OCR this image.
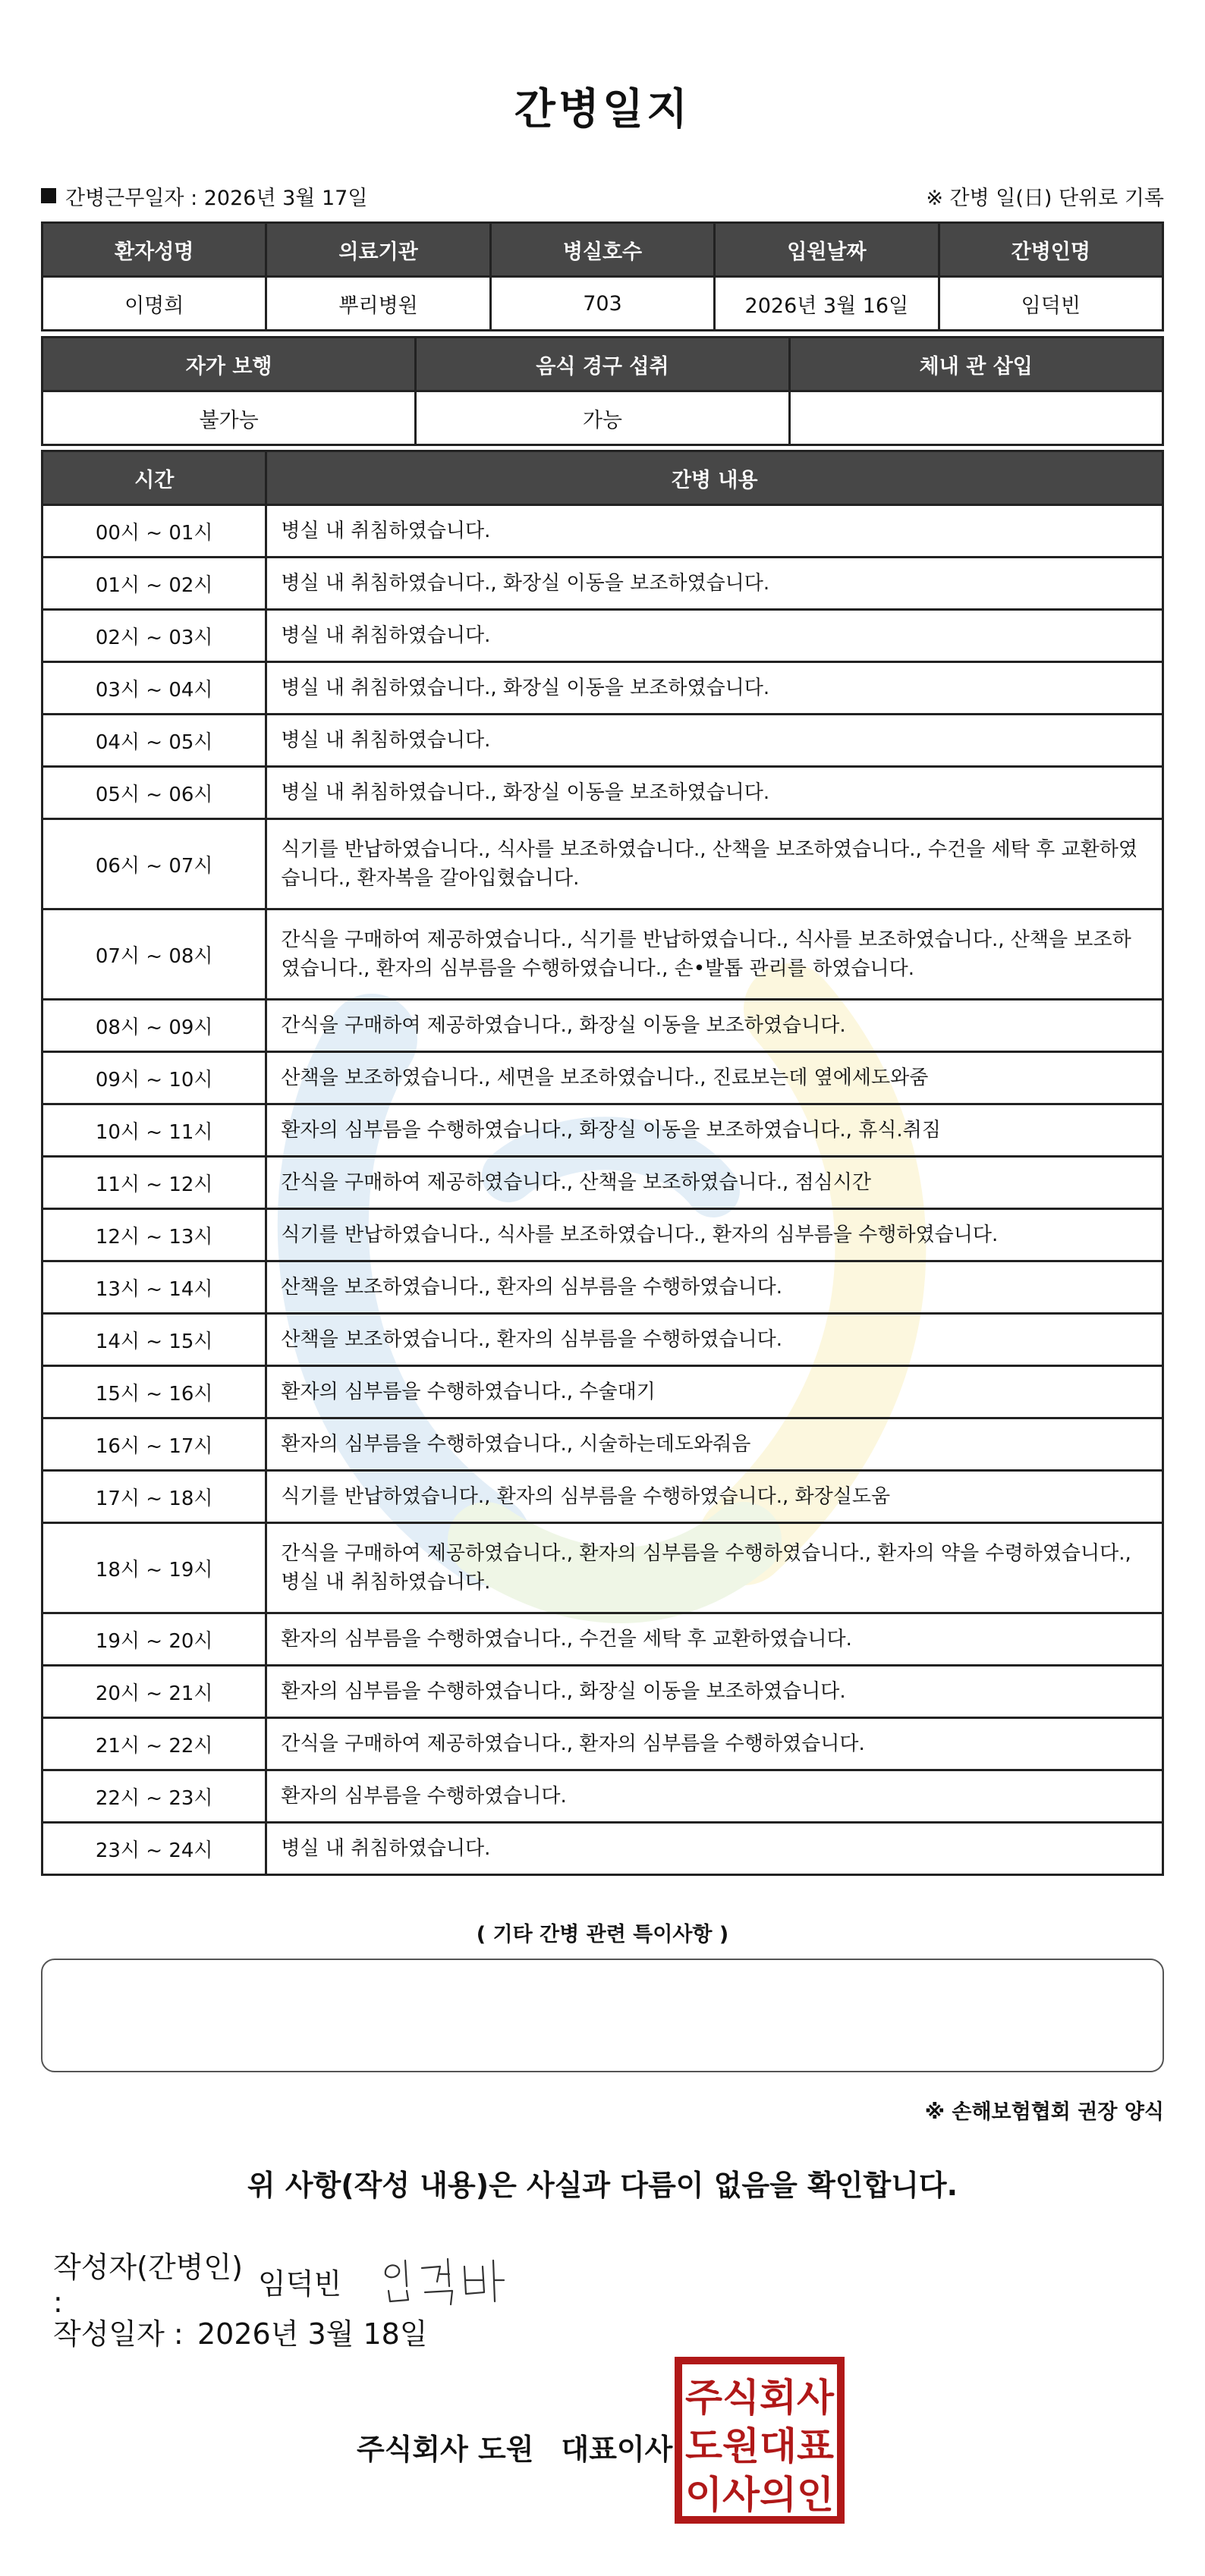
간병일지
간병근무일자 : 2026년 3월 17일	※ 간병 일(日) 단위로 기록
환자성명	의료기관	병실호수	입원날짜	간병인명
이명희	뿌리병원	703	2026년 3월 16일	임덕빈
자가 보행	음식 경구 섭취	체내 관 삽입
불가능	가능	
시간	간병 내용
00시 ~ 01시	병실 내 취침하였습니다.
01시 ~ 02시	병실 내 취침하였습니다., 화장실 이동을 보조하였습니다.
02시 ~ 03시	병실 내 취침하였습니다.
03시 ~ 04시	병실 내 취침하였습니다., 화장실 이동을 보조하였습니다.
04시 ~ 05시	병실 내 취침하였습니다.
05시 ~ 06시	병실 내 취침하였습니다., 화장실 이동을 보조하였습니다.
06시 ~ 07시	식기를 반납하였습니다., 식사를 보조하였습니다., 산책을 보조하였습니다., 수건을 세탁 후 교환하였습니다., 환자복을 갈아입혔습니다.
07시 ~ 08시	간식을 구매하여 제공하였습니다., 식기를 반납하였습니다., 식사를 보조하였습니다., 산책을 보조하였습니다., 환자의 심부름을 수행하였습니다., 손•발톱 관리를 하였습니다.
08시 ~ 09시	간식을 구매하여 제공하였습니다., 화장실 이동을 보조하였습니다.
09시 ~ 10시	산책을 보조하였습니다., 세면을 보조하였습니다., 진료보는데 옆에세도와줌
10시 ~ 11시	환자의 심부름을 수행하였습니다., 화장실 이동을 보조하였습니다., 휴식.취짐
11시 ~ 12시	간식을 구매하여 제공하였습니다., 산책을 보조하였습니다., 점심시간
12시 ~ 13시	식기를 반납하였습니다., 식사를 보조하였습니다., 환자의 심부름을 수행하였습니다.
13시 ~ 14시	산책을 보조하였습니다., 환자의 심부름을 수행하였습니다.
14시 ~ 15시	산책을 보조하였습니다., 환자의 심부름을 수행하였습니다.
15시 ~ 16시	환자의 심부름을 수행하였습니다., 수술대기
16시 ~ 17시	환자의 심부름을 수행하였습니다., 시술하는데도와줘음
17시 ~ 18시	식기를 반납하였습니다., 환자의 심부름을 수행하였습니다., 화장실도움
18시 ~ 19시	간식을 구매하여 제공하였습니다., 환자의 심부름을 수행하였습니다., 환자의 약을 수령하였습니다., 병실 내 취침하였습니다.
19시 ~ 20시	환자의 심부름을 수행하였습니다., 수건을 세탁 후 교환하였습니다.
20시 ~ 21시	환자의 심부름을 수행하였습니다., 화장실 이동을 보조하였습니다.
21시 ~ 22시	간식을 구매하여 제공하였습니다., 환자의 심부름을 수행하였습니다.
22시 ~ 23시	환자의 심부름을 수행하였습니다.
23시 ~ 24시	병실 내 취침하였습니다.
( 기타 간병 관련 특이사항 )
※ 손해보험협회 권장 양식
위 사항(작성 내용)은 사실과 다름이 없음을 확인합니다.
작성자(간병인) :
임덕빈
작성일자 : 2026년 3월 18일
주식회사 도원 대표이사
주식회사
도원대표
이사의인
